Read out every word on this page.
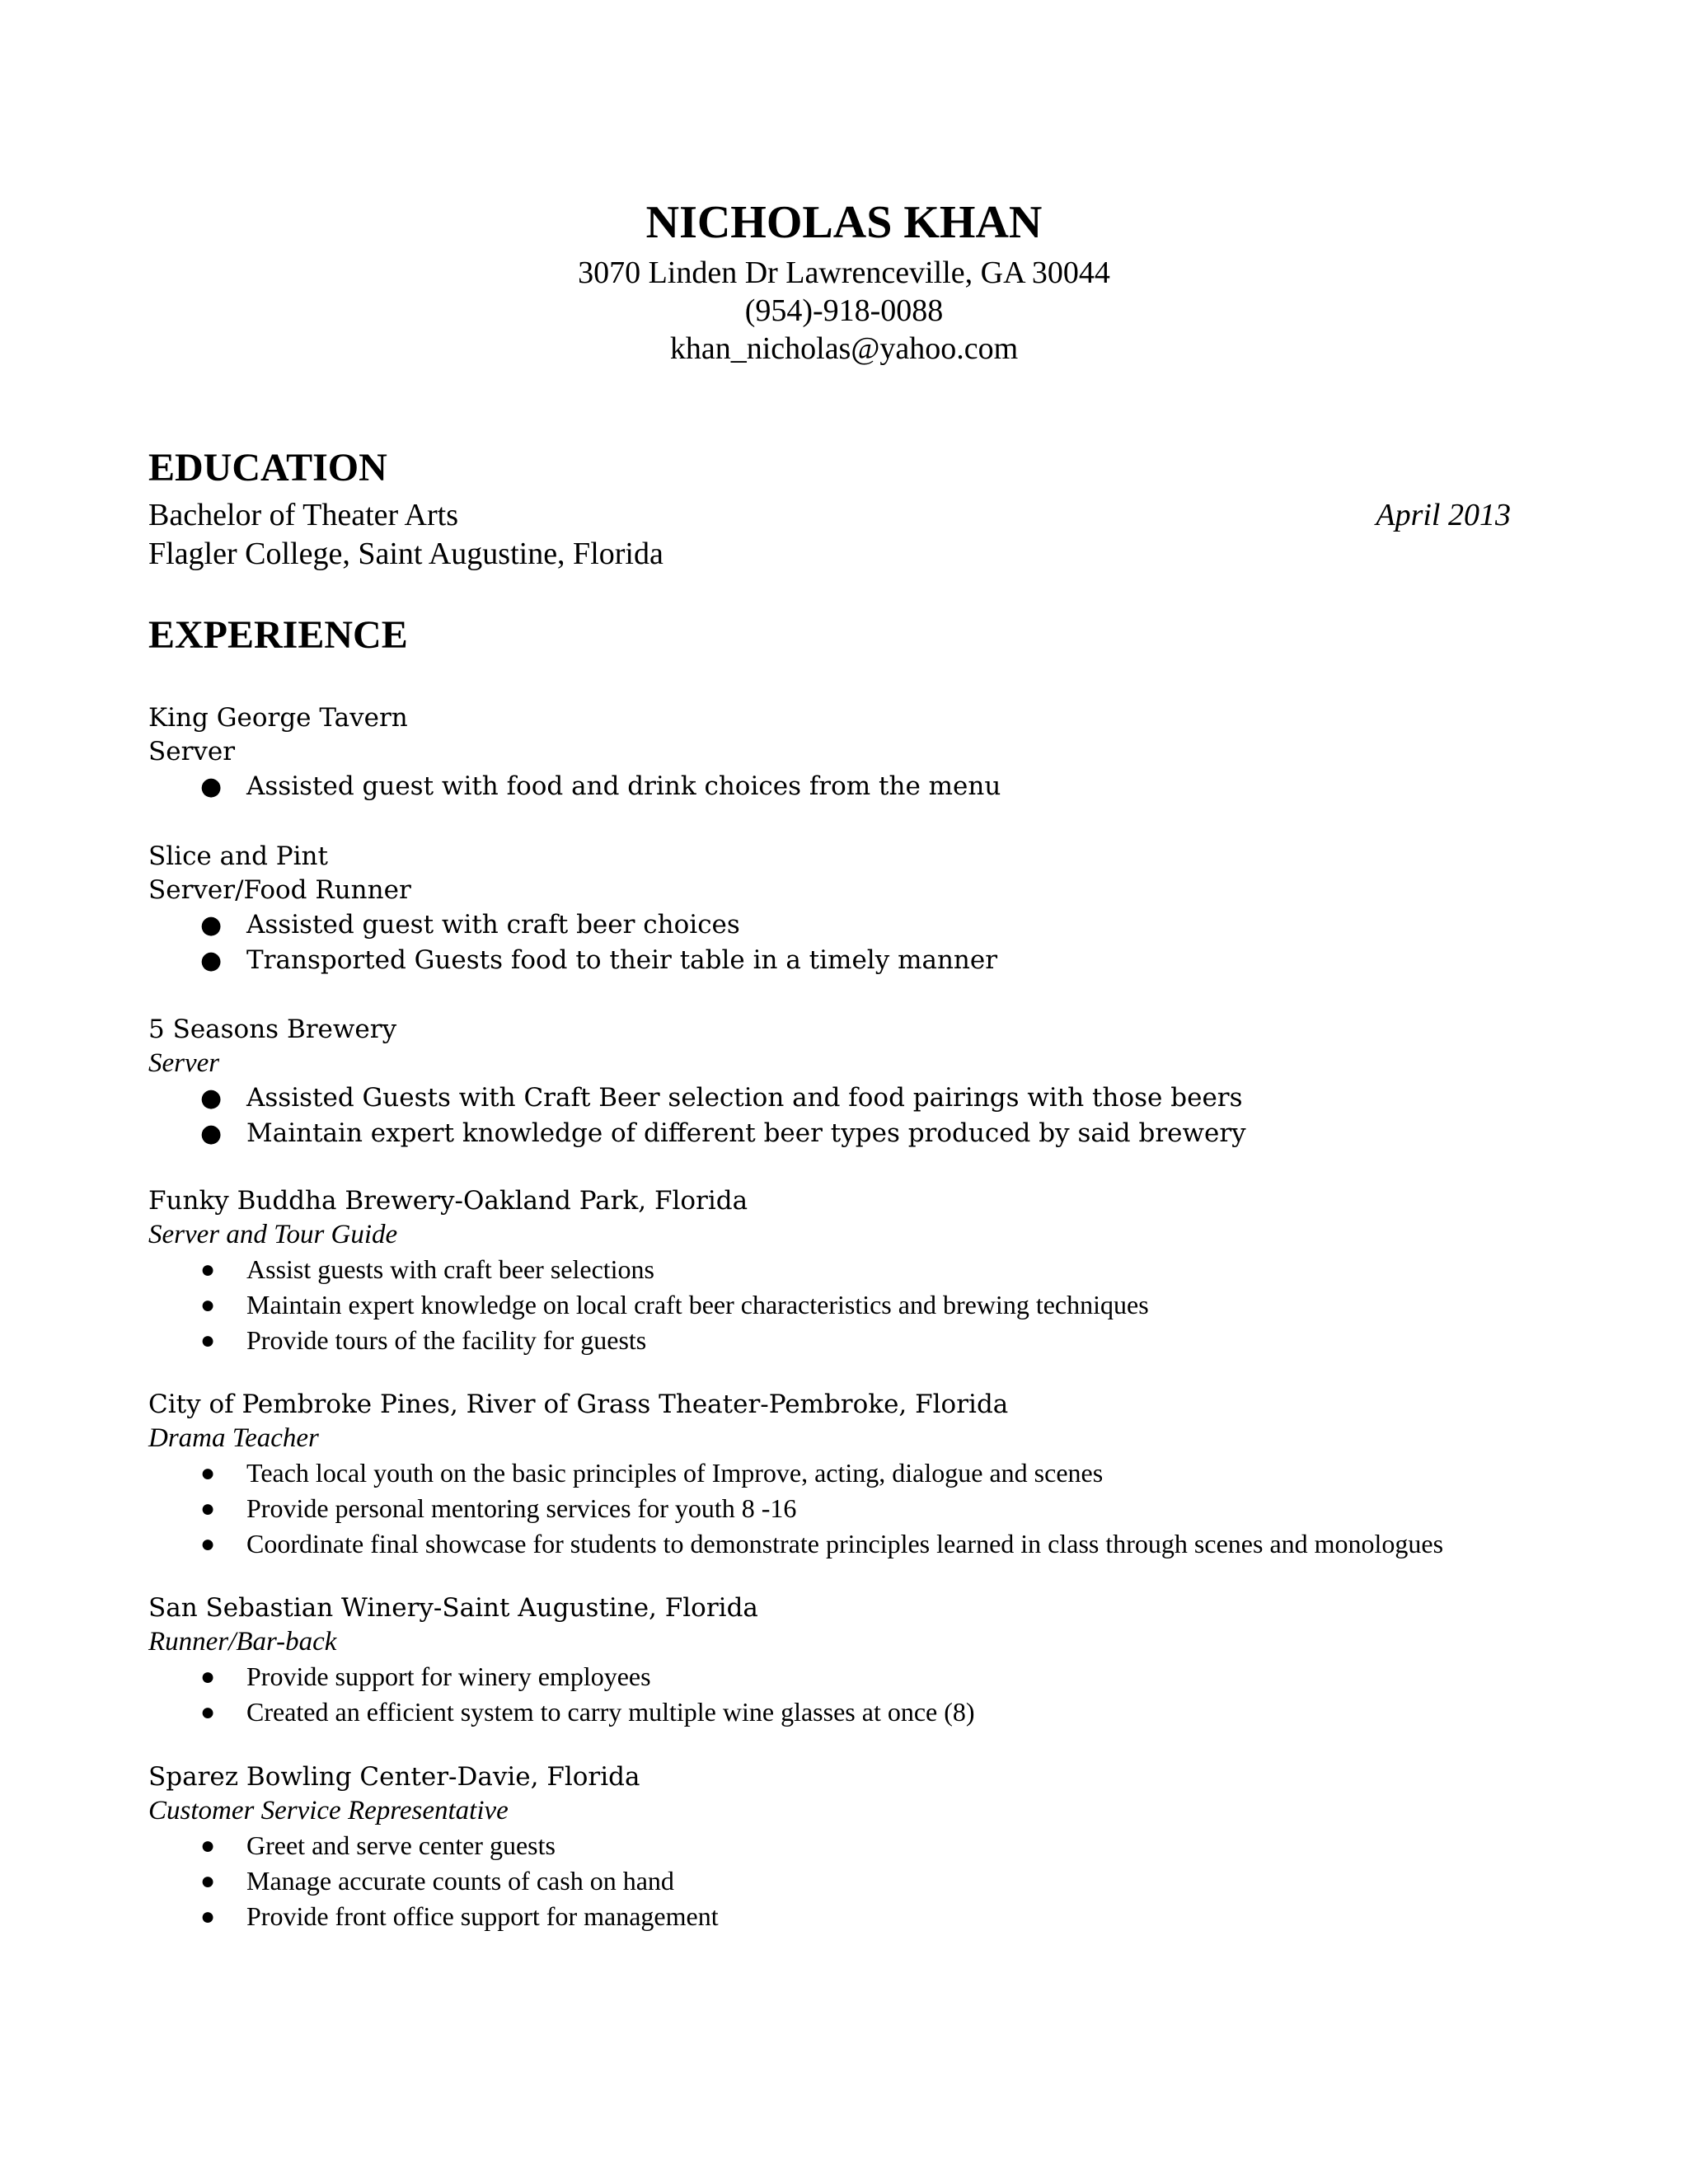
NICHOLAS KHAN
3070 Linden Dr Lawrenceville, GA 30044
(954)-918-0088
khan_nicholas@yahoo.com
EDUCATION
Bachelor of Theater Arts	April 2013
Flagler College, Saint Augustine, Florida
EXPERIENCE
King George Tavern
Server
● Assisted guest with food and drink choices from the menu
Slice and Pint
Server/Food Runner
● Assisted guest with craft beer choices
● Transported Guests food to their table in a timely manner
5 Seasons Brewery
Server
● Assisted Guests with Craft Beer selection and food pairings with those beers
● Maintain expert knowledge of different beer types produced by said brewery
Funky Buddha Brewery-Oakland Park, Florida
Server and Tour Guide
● Assist guests with craft beer selections
● Maintain expert knowledge on local craft beer characteristics and brewing techniques
● Provide tours of the facility for guests
City of Pembroke Pines, River of Grass Theater-Pembroke, Florida
Drama Teacher
● Teach local youth on the basic principles of Improve, acting, dialogue and scenes
● Provide personal mentoring services for youth 8 -16
● Coordinate final showcase for students to demonstrate principles learned in class through scenes and monologues
San Sebastian Winery-Saint Augustine, Florida
Runner/Bar-back
● Provide support for winery employees
● Created an efficient system to carry multiple wine glasses at once (8)
Sparez Bowling Center-Davie, Florida
Customer Service Representative
● Greet and serve center guests
● Manage accurate counts of cash on hand
● Provide front office support for management
